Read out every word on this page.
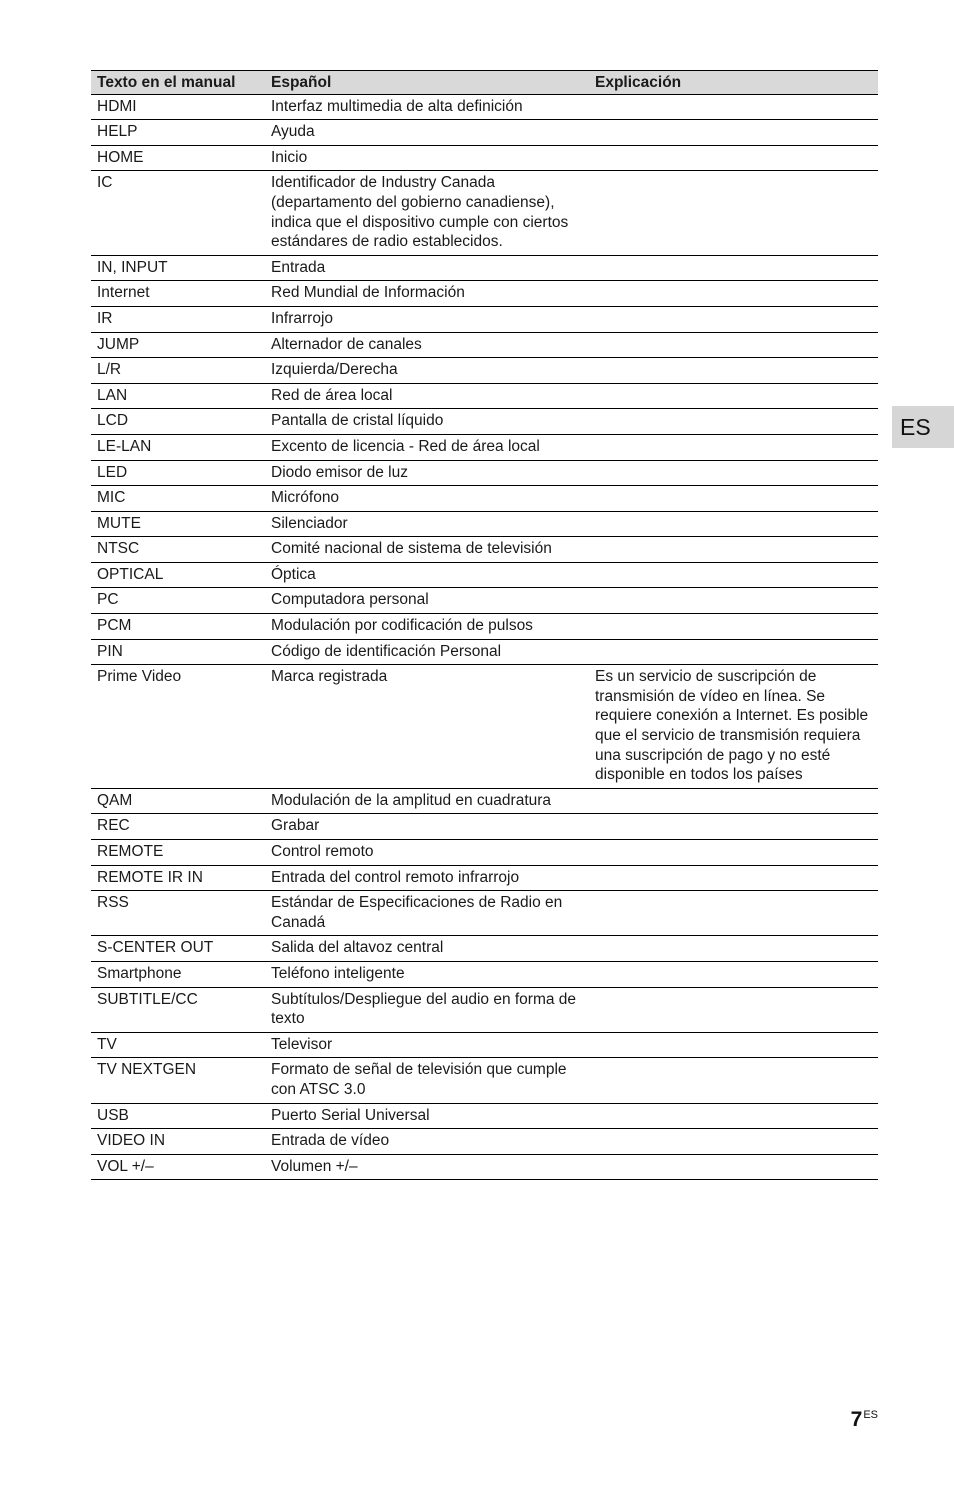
Texto en el manual	Español	Explicación
HDMI	Interfaz multimedia de alta definición	
HELP	Ayuda	
HOME	Inicio	
IC	Identificador de Industry Canada (departamento del gobierno canadiense), indica que el dispositivo cumple con ciertos estándares de radio establecidos.	
IN, INPUT	Entrada	
Internet	Red Mundial de Información	
IR	Infrarrojo	
JUMP	Alternador de canales	
L/R	Izquierda/Derecha	
LAN	Red de área local	
LCD	Pantalla de cristal líquido	
LE-LAN	Excento de licencia - Red de área local	
LED	Diodo emisor de luz	
MIC	Micrófono	
MUTE	Silenciador	
NTSC	Comité nacional de sistema de televisión	
OPTICAL	Óptica	
PC	Computadora personal	
PCM	Modulación por codificación de pulsos	
PIN	Código de identificación Personal	
Prime Video	Marca registrada	Es un servicio de suscripción de transmisión de vídeo en línea. Se requiere conexión a Internet. Es posible que el servicio de transmisión requiera una suscripción de pago y no esté disponible en todos los países
QAM	Modulación de la amplitud en cuadratura	
REC	Grabar	
REMOTE	Control remoto	
REMOTE IR IN	Entrada del control remoto infrarrojo	
RSS	Estándar de Especificaciones de Radio en Canadá	
S-CENTER OUT	Salida del altavoz central	
Smartphone	Teléfono inteligente	
SUBTITLE/CC	Subtítulos/Despliegue del audio en forma de texto	
TV	Televisor	
TV NEXTGEN	Formato de señal de televisión que cumple con ATSC 3.0	
USB	Puerto Serial Universal	
VIDEO IN	Entrada de vídeo	
VOL +/–	Volumen +/–	
ES
$7^{ES}$
